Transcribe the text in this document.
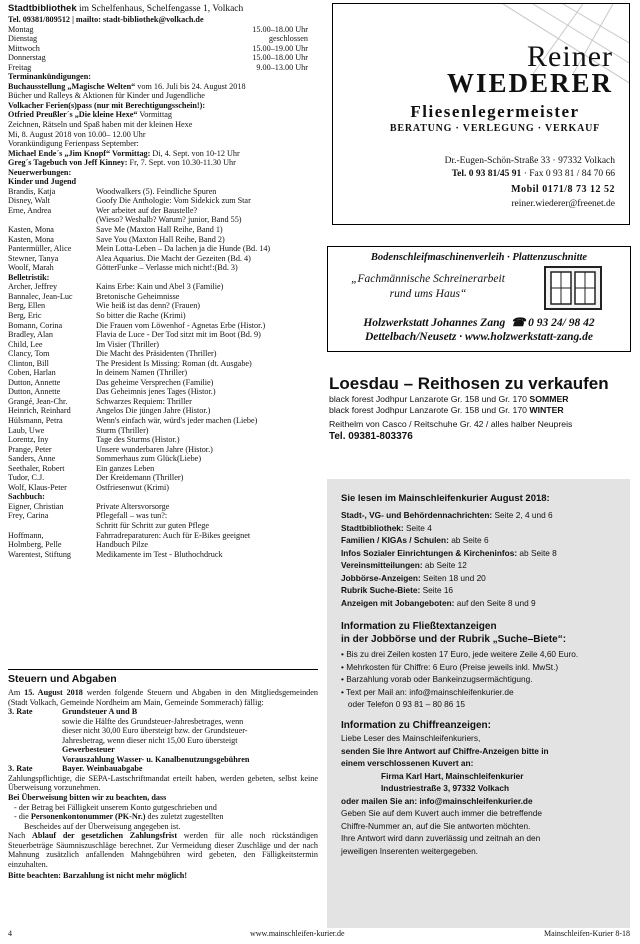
Stadtbibliothek im Schelfenhaus, Schelfengasse 1, Volkach
Tel. 09381/809512 | mailto: stadt-bibliothek@volkach.de
Montag	15.00–18.00 Uhr
Dienstag	geschlossen
Mittwoch	15.00–19.00 Uhr
Donnerstag	15.00–18.00 Uhr
Freitag	9.00–13.00 Uhr
Terminankündigungen:
Buchausstellung „Magische Welten“ vom 16. Juli bis 24. August 2018
Bücher und Ralleys & Aktionen für Kinder und Jugendliche
Volkacher Ferien(s)pass (nur mit Berechtigungsschein!):
Otfried Preußler´s „Die kleine Hexe“ Vormittag
Zeichnen, Rätseln und Spaß haben mit der kleinen Hexe
Mi, 8. August 2018 von 10.00– 12.00 Uhr
Vorankündigung Ferienpass September:
Michael Ende´s „Jim Knopf“ Vormittag: Di, 4. Sept. von 10-12 Uhr
Greg´s Tagebuch von Jeff Kinney: Fr, 7. Sept. von 10.30-11.30 Uhr
Neuerwerbungen:
Kinder und Jugend
Brandis, Katja	Woodwalkers (5). Feindliche Spuren
Disney, Walt	Goofy Die Anthologie: Vom Sidekick zum Star
Erne, Andrea	Wer arbeitet auf der Baustelle?
(Wieso? Weshalb? Warum? junior, Band 55)
Kasten, Mona	Save Me (Maxton Hall Reihe, Band 1)
Kasten, Mona	Save You (Maxton Hall Reihe, Band 2)
Pantermüller, Alice	Mein Lotta-Leben – Da lachen ja die Hunde (Bd. 14)
Stewner, Tanya	Alea Aquarius. Die Macht der Gezeiten (Bd. 4)
Woolf, Marah	GötterFunke – Verlasse mich nicht!:(Bd. 3)
Belletristik:
Archer, Jeffrey	Kains Erbe: Kain und Abel 3 (Familie)
Bannalec, Jean-Luc	Bretonische Geheimnisse
Berg, Ellen	Wie heiß ist das denn? (Frauen)
Berg, Eric	So bitter die Rache (Krimi)
Bomann, Corina	Die Frauen vom Löwenhof - Agnetas Erbe (Histor.)
Bradley, Alan	Flavia de Luce - Der Tod sitzt mit im Boot (Bd. 9)
Child, Lee	Im Visier (Thriller)
Clancy, Tom	Die Macht des Präsidenten (Thriller)
Clinton, Bill	The President Is Missing: Roman (dt. Ausgabe)
Coben, Harlan	In deinem Namen (Thriller)
Dutton, Annette	Das geheime Versprechen (Familie)
Dutton, Annette	Das Geheimnis jenes Tages (Histor.)
Grangé, Jean-Chr.	Schwarzes Requiem: Thriller
Heinrich, Reinhard	Angelos Die jüngen Jahre (Histor.)
Hülsmann, Petra	Wenn's einfach wär, würd's jeder machen (Liebe)
Laub, Uwe	Sturm (Thriller)
Lorentz, Iny	Tage des Sturms (Histor.)
Prange, Peter	Unsere wunderbaren Jahre (Histor.)
Sanders, Anne	Sommerhaus zum Glück(Liebe)
Seethaler, Robert	Ein ganzes Leben
Tudor, C.J.	Der Kreidemann (Thriller)
Wolf, Klaus-Peter	Ostfriesenwut (Krimi)
Sachbuch:
Eigner, Christian	Private Altersvorsorge
Frey, Carina	Pflegefall – was tun?:
Schritt für Schritt zur guten Pflege
Hoffmann,	Fahrradreparaturen: Auch für E-Bikes geeignet
Holmberg, Pelle	Handbuch Pilze
Warentest, Stiftung	Medikamente im Test - Bluthochdruck
Steuern und Abgaben
Am 15. August 2018 werden folgende Steuern und Abgaben in den Mitgliedsgemeinden (Stadt Volkach, Gemeinde Nordheim am Main, Gemeinde Sommerach) fällig:
3. Rate	Grundsteuer A und B
sowie die Hälfte des Grundsteuer-Jahresbetrages, wenn
dieser nicht 30,00 Euro übersteigt bzw. der Grundsteuer-
Jahresbetrag, wenn dieser nicht 15,00 Euro übersteigt
Gewerbesteuer
Vorauszahlung Wasser- u. Kanalbenutzungsgebühren
3. Rate	Bayer. Weinbauabgabe
Zahlungspflichtige, die SEPA-Lastschriftmandat erteilt haben, werden gebeten, selbst keine Überweisung vorzunehmen.
Bei Überweisung bitten wir zu beachten, dass
- der Betrag bei Fälligkeit unserem Konto gutgeschrieben und
- die Personenkontonummer (PK-Nr.) des zuletzt zugestellten
Bescheides auf der Überweisung angegeben ist.
Nach Ablauf der gesetzlichen Zahlungsfrist werden für alle noch rückständigen Steuerbeträge Säumniszuschläge berechnet. Zur Vermeidung dieser Zuschläge und der nach Mahnung zusätzlich anfallenden Mahngebühren wird gebeten, den Fälligkeitstermin einzuhalten.
Bitte beachten: Barzahlung ist nicht mehr möglich!
Reiner
WIEDERER
Fliesenlegermeister
BERATUNG · VERLEGUNG · VERKAUF
Dr.-Eugen-Schön-Straße 33 · 97332 Volkach
Tel. 0 93 81/45 91 · Fax 0 93 81 / 84 70 66
Mobil 0171/8 73 12 52
reiner.wiederer@freenet.de
Bodenschleifmaschinenverleih · Plattenzuschnitte
„Fachmännische Schreinerarbeit
rund ums Haus“
Holzwerkstatt Johannes Zang ☎ 0 93 24/ 98 42
Dettelbach/Neusetz · www.holzwerkstatt-zang.de
Loesdau – Reithosen zu verkaufen
black forest Jodhpur Lanzarote Gr. 158 und Gr. 170 SOMMER
black forest Jodhpur Lanzarote Gr. 158 und Gr. 170 WINTER
Reithelm von Casco / Reitschuhe Gr. 42 / alles halber Neupreis
Tel. 09381-803376
Sie lesen im Mainschleifenkurier August 2018:
Stadt-, VG- und Behördennachrichten: Seite 2, 4 und 6
Stadtbibliothek: Seite 4
Familien / KIGAs / Schulen: ab Seite 6
Infos Sozialer Einrichtungen & Kircheninfos: ab Seite 8
Vereinsmitteilungen: ab Seite 12
Jobbörse-Anzeigen: Seiten 18 und 20
Rubrik Suche-Biete: Seite 16
Anzeigen mit Jobangeboten: auf den Seite 8 und 9
Information zu Fließtextanzeigen
in der Jobbörse und der Rubrik „Suche–Biete“:
• Bis zu drei Zeilen kosten 17 Euro, jede weitere Zeile 4,60 Euro.
• Mehrkosten für Chiffre: 6 Euro (Preise jeweils inkl. MwSt.)
• Barzahlung vorab oder Bankeinzugsermächtigung.
• Text per Mail an: info@mainschleifenkurier.de
oder Telefon 0 93 81 – 80 86 15
Information zu Chiffreanzeigen:
Liebe Leser des Mainschleifenkuriers,
senden Sie Ihre Antwort auf Chiffre-Anzeigen bitte in
einem verschlossenen Kuvert an:
Firma Karl Hart, Mainschleifenkurier
Industriestraße 3, 97332 Volkach
oder mailen Sie an: info@mainschleifenkurier.de
Geben Sie auf dem Kuvert auch immer die betreffende
Chiffre-Nummer an, auf die Sie antworten möchten.
Ihre Antwort wird dann zuverlässig und zeitnah an den
jeweiligen Inserenten weitergegeben.
4	www.mainschleifen-kurier.de	Mainschleifen-Kurier 8-18
